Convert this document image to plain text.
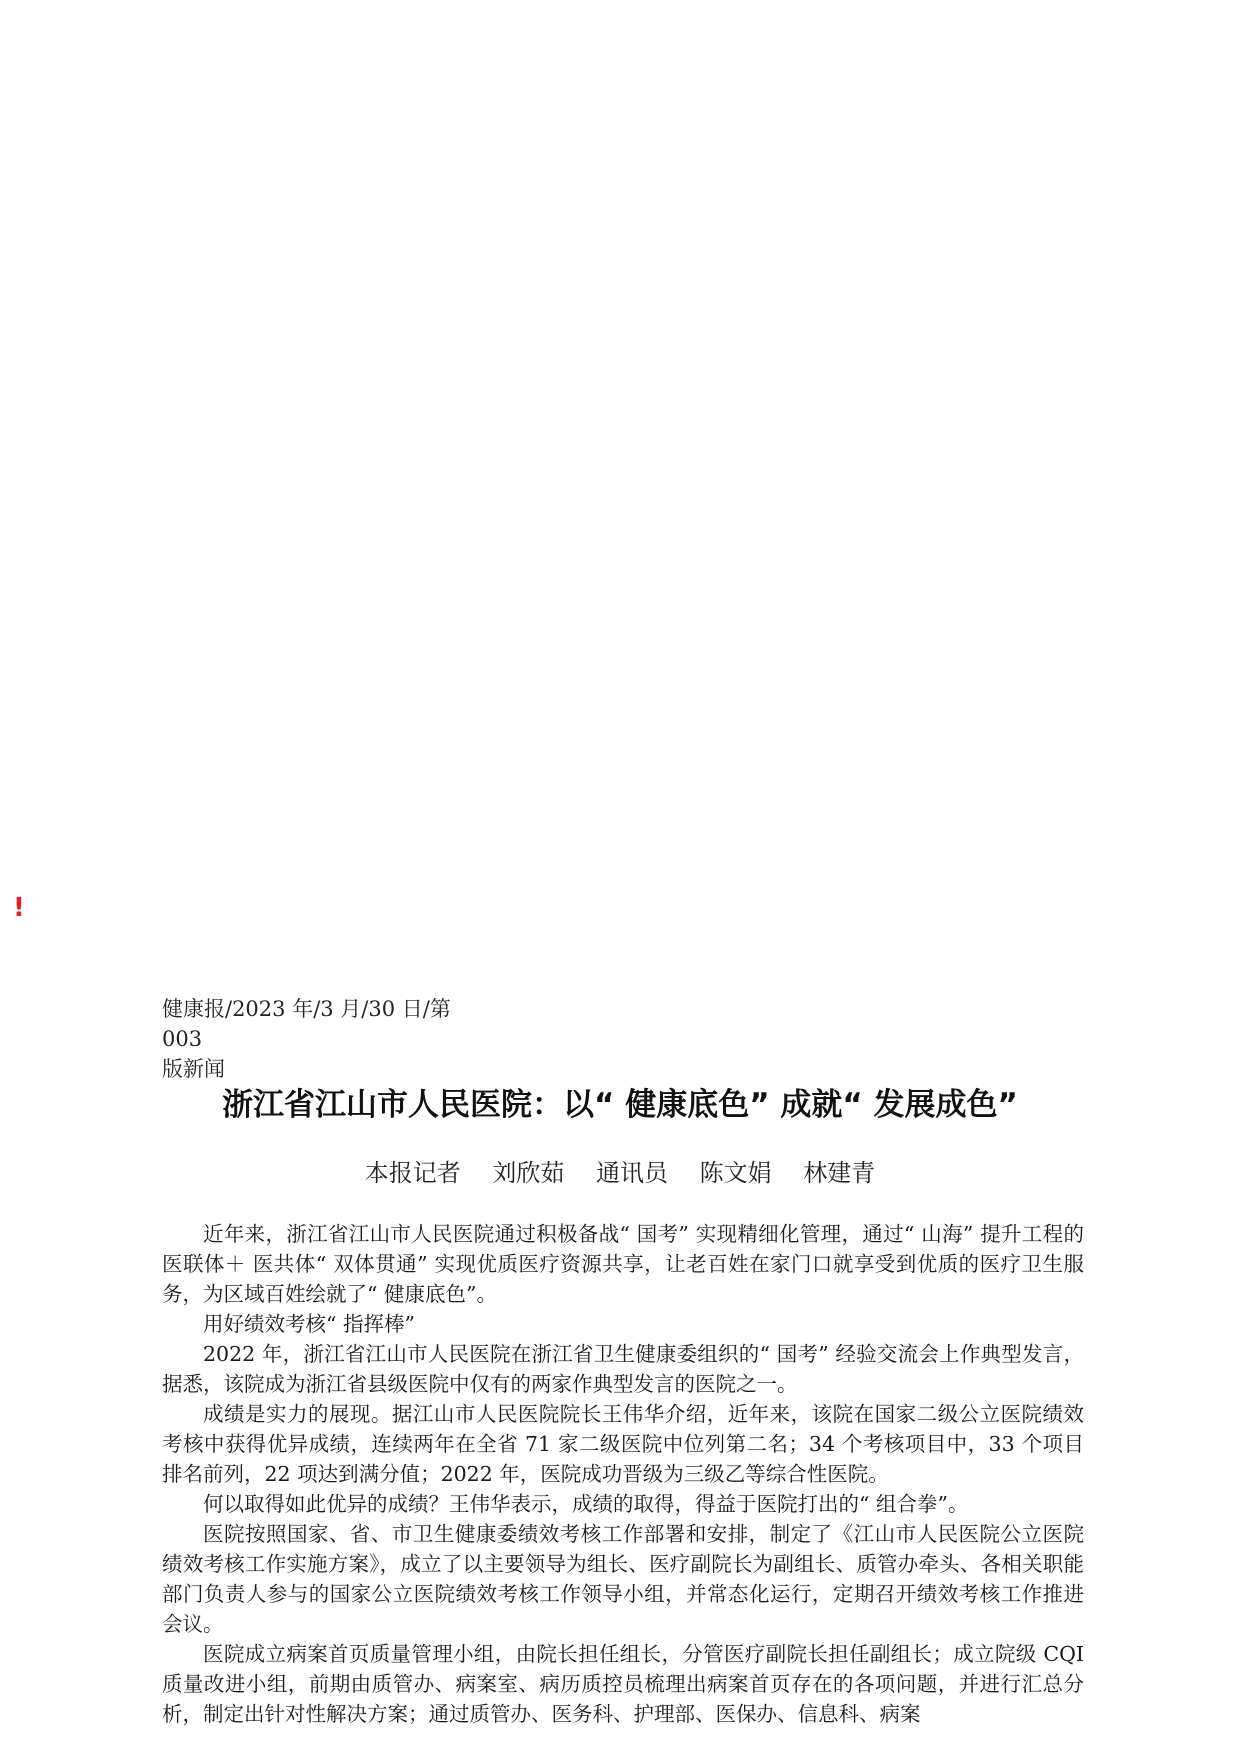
!
健康报/2023 年/3 月/30 日/第 003
版新闻
浙江省江山市人民医院：以“ 健康底色” 成就“ 发展成色”
本报记者 刘欣茹 通讯员 陈文娟 林建青

近年来，浙江省江山市人民医院通过积极备战“ 国考” 实现精细化管理，通过“ 山海” 提升工程的医联体＋ 医共体“ 双体贯通” 实现优质医疗资源共享，让老百姓在家门口就享受到优质的医疗卫生服务，为区域百姓绘就了“ 健康底色”。

用好绩效考核“ 指挥棒”

2022 年，浙江省江山市人民医院在浙江省卫生健康委组织的“ 国考” 经验交流会上作典型发言，据悉，该院成为浙江省县级医院中仅有的两家作典型发言的医院之一。

成绩是实力的展现。据江山市人民医院院长王伟华介绍，近年来，该院在国家二级公立医院绩效考核中获得优异成绩，连续两年在全省 71 家二级医院中位列第二名；34 个考核项目中，33 个项目排名前列，22 项达到满分值；2022 年，医院成功晋级为三级乙等综合性医院。

何以取得如此优异的成绩？王伟华表示，成绩的取得，得益于医院打出的“ 组合拳”。

医院按照国家、省、市卫生健康委绩效考核工作部署和安排，制定了《江山市人民医院公立医院绩效考核工作实施方案》，成立了以主要领导为组长、医疗副院长为副组长、质管办牵头、各相关职能部门负责人参与的国家公立医院绩效考核工作领导小组，并常态化运行，定期召开绩效考核工作推进会议。

医院成立病案首页质量管理小组，由院长担任组长，分管医疗副院长担任副组长；成立院级 CQI 质量改进小组，前期由质管办、病案室、病历质控员梳理出病案首页存在的各项问题，并进行汇总分析，制定出针对性解决方案；通过质管办、医务科、护理部、医保办、信息科、病案
